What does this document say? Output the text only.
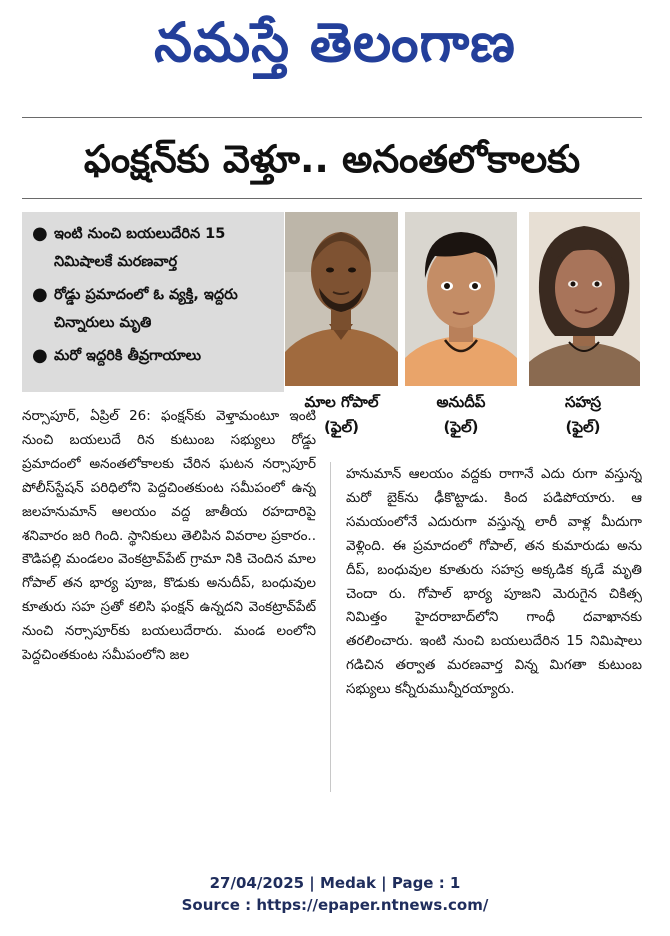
నమస్తే తెలంగాణ
ఫంక్షన్‌కు వెళ్తూ.. అనంతలోకాలకు
● ఇంటి నుంచి బయలుదేరిన 15 నిమిషాలకే మరణవార్త
● రోడ్డు ప్రమాదంలో ఓ వ్యక్తి, ఇద్దరు చిన్నారులు మృతి
● మరో ఇద్దరికి తీవ్రగాయాలు
మాల గోపాల్
(ఫైల్)
అనుదీప్
(ఫైల్)
సహస్ర
(ఫైల్)
నర్సాపూర్, ఏప్రిల్ 26: ఫంక్షన్‌కు వెళ్తామంటూ ఇంటి నుంచి బయలుదే రిన కుటుంబ సభ్యులు రోడ్డు ప్రమాదంలో అనంతలోకాలకు చేరిన ఘటన నర్సాపూర్ పోలీస్‌స్టేషన్ పరిధిలోని పెద్దచింతకుంట సమీపంలో ఉన్న జలహనుమాన్ ఆలయం వద్ద జాతీయ రహదారిపై శనివారం జరి గింది. స్థానికులు తెలిపిన వివరాల ప్రకారం.. కౌడిపల్లి మండలం వెంకట్రావ్‌పేట్ గ్రామా నికి చెందిన మాల గోపాల్ తన భార్య పూజ, కొడుకు అనుదీప్, బంధువుల కూతురు సహ స్రతో కలిసి ఫంక్షన్ ఉన్నదని వెంకట్రావ్‌పేట్ నుంచి నర్సాపూర్‌కు బయలుదేరారు. మండ లంలోని పెద్దచింతకుంట సమీపంలోని జల
హనుమాన్ ఆలయం వద్దకు రాగానే ఎదు రుగా వస్తున్న మరో బైక్‌ను ఢీకొట్టాడు. కింద పడిపోయారు. ఆ సమయంలోనే ఎదురుగా వస్తున్న లారీ వాళ్ల మీదుగా వెళ్లింది. ఈ ప్రమాదంలో గోపాల్, తన కుమారుడు అను దీప్, బంధువుల కూతురు సహస్ర అక్కడిక క్కడే మృతి చెందా రు. గోపాల్ భార్య పూజని మెరుగైన చికిత్స నిమిత్తం హైదరాబాద్‌లోని గాంధీ దవాఖానకు తరలించారు. ఇంటి నుంచి బయలుదేరిన 15 నిమిషాలు గడిచిన తర్వాత మరణవార్త విన్న మిగతా కుటుంబ సభ్యులు కన్నీరుమున్నీరయ్యారు.
27/04/2025 | Medak | Page : 1
Source : https://epaper.ntnews.com/
